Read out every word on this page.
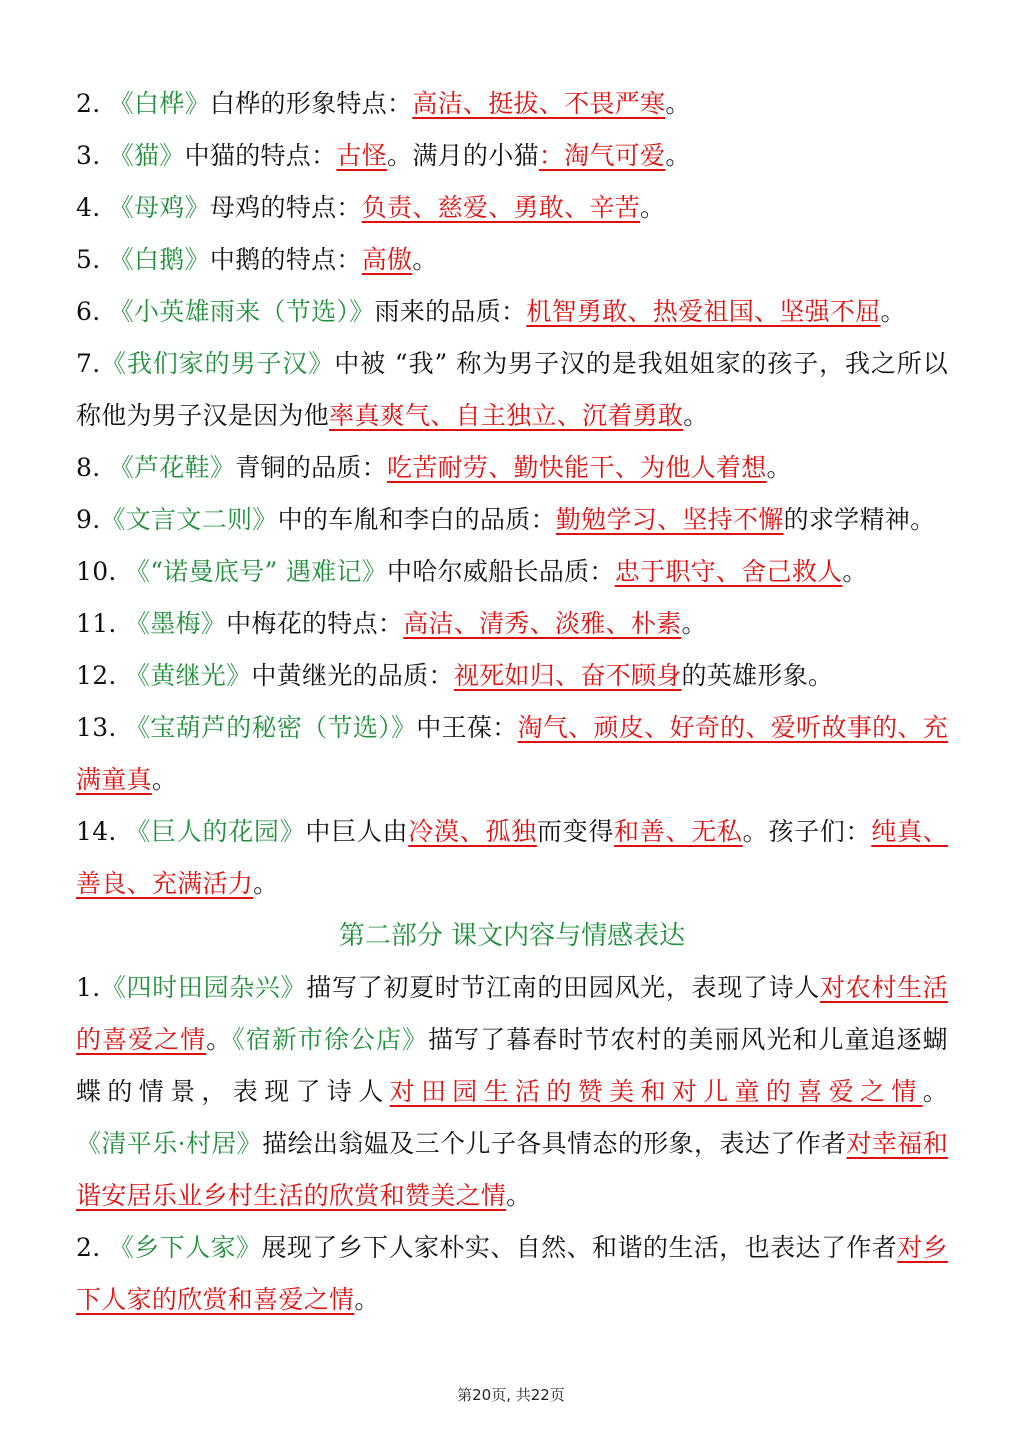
2. 《白桦》白桦的形象特点：高洁、挺拔、不畏严寒。

3. 《猫》中猫的特点：古怪。满月的小猫：淘气可爱。

4. 《母鸡》母鸡的特点：负责、慈爱、勇敢、辛苦。

5. 《白鹅》中鹅的特点：高傲。

6. 《小英雄雨来（节选）》雨来的品质：机智勇敢、热爱祖国、坚强不屈。

7.《我们家的男子汉》中被 “我” 称为男子汉的是我姐姐家的孩子，我之所以称他为男子汉是因为他率真爽气、自主独立、沉着勇敢。

8. 《芦花鞋》青铜的品质：吃苦耐劳、勤快能干、为他人着想。

9.《文言文二则》中的车胤和李白的品质：勤勉学习、坚持不懈的求学精神。

10. 《“诺曼底号” 遇难记》中哈尔威船长品质：忠于职守、舍己救人。

11. 《墨梅》中梅花的特点：高洁、清秀、淡雅、朴素。

12. 《黄继光》中黄继光的品质：视死如归、奋不顾身的英雄形象。

13. 《宝葫芦的秘密（节选）》中王葆：淘气、顽皮、好奇的、爱听故事的、充满童真。

14. 《巨人的花园》中巨人由冷漠、孤独而变得和善、无私。孩子们：纯真、善良、充满活力。

第二部分 课文内容与情感表达

1.《四时田园杂兴》描写了初夏时节江南的田园风光，表现了诗人对农村生活的喜爱之情。《宿新市徐公店》描写了暮春时节农村的美丽风光和儿童追逐蝴蝶的情景，表现了诗人对田园生活的赞美和对儿童的喜爱之情。《清平乐·村居》描绘出翁媪及三个儿子各具情态的形象，表达了作者对幸福和谐安居乐业乡村生活的欣赏和赞美之情。

2. 《乡下人家》展现了乡下人家朴实、自然、和谐的生活，也表达了作者对乡下人家的欣赏和喜爱之情。

第20页, 共22页
